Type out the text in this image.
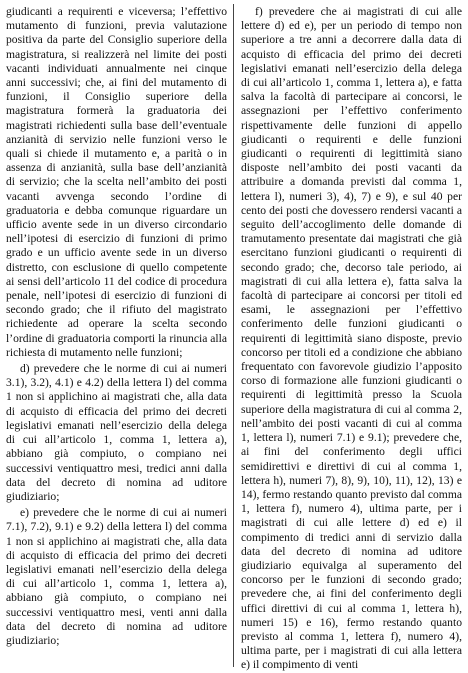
giudicanti a requirenti e viceversa; l’effettivo mutamento di funzioni, previa valutazione positiva da parte del Consiglio superiore della magistratura, si realizzerà nel limite dei posti vacanti individuati annualmente nei cinque anni successivi; che, ai fini del mutamento di funzioni, il Consiglio superiore della magistratura formerà la graduatoria dei magistrati richiedenti sulla base dell’eventuale anzianità di servizio nelle funzioni verso le quali si chiede il mutamento e, a parità o in assenza di anzianità, sulla base dell’anzianità di servizio; che la scelta nell’ambito dei posti vacanti avvenga secondo l’ordine di graduatoria e debba comunque riguardare un ufficio avente sede in un diverso circondario nell’ipotesi di esercizio di funzioni di primo grado e un ufficio avente sede in un diverso distretto, con esclusione di quello competente ai sensi dell’articolo 11 del codice di procedura penale, nell’ipotesi di esercizio di funzioni di secondo grado; che il rifiuto del magistrato richiedente ad operare la scelta secondo l’ordine di graduatoria comporti la rinuncia alla richiesta di mutamento nelle funzioni;

d) prevedere che le norme di cui ai numeri 3.1), 3.2), 4.1) e 4.2) della lettera l) del comma 1 non si applichino ai magistrati che, alla data di acquisto di efficacia del primo dei decreti legislativi emanati nell’esercizio della delega di cui all’articolo 1, comma 1, lettera a), abbiano già compiuto, o compiano nei successivi ventiquattro mesi, tredici anni dalla data del decreto di nomina ad uditore giudiziario;

e) prevedere che le norme di cui ai numeri 7.1), 7.2), 9.1) e 9.2) della lettera l) del comma 1 non si applichino ai magistrati che, alla data di acquisto di efficacia del primo dei decreti legislativi emanati nell’esercizio della delega di cui all’articolo 1, comma 1, lettera a), abbiano già compiuto, o compiano nei successivi ventiquattro mesi, venti anni dalla data del decreto di nomina ad uditore giudiziario;

f) prevedere che ai magistrati di cui alle lettere d) ed e), per un periodo di tempo non superiore a tre anni a decorrere dalla data di acquisto di efficacia del primo dei decreti legislativi emanati nell’esercizio della delega di cui all’articolo 1, comma 1, lettera a), e fatta salva la facoltà di partecipare ai concorsi, le assegnazioni per l’effettivo conferimento rispettivamente delle funzioni di appello giudicanti o requirenti e delle funzioni giudicanti o requirenti di legittimità siano disposte nell’ambito dei posti vacanti da attribuire a domanda previsti dal comma 1, lettera l), numeri 3), 4), 7) e 9), e sul 40 per cento dei posti che dovessero rendersi vacanti a seguito dell’accoglimento delle domande di tramutamento presentate dai magistrati che già esercitano funzioni giudicanti o requirenti di secondo grado; che, decorso tale periodo, ai magistrati di cui alla lettera e), fatta salva la facoltà di partecipare ai concorsi per titoli ed esami, le assegnazioni per l’effettivo conferimento delle funzioni giudicanti o requirenti di legittimità siano disposte, previo concorso per titoli ed a condizione che abbiano frequentato con favorevole giudizio l’apposito corso di formazione alle funzioni giudicanti o requirenti di legittimità presso la Scuola superiore della magistratura di cui al comma 2, nell’ambito dei posti vacanti di cui al comma 1, lettera l), numeri 7.1) e 9.1); prevedere che, ai fini del conferimento degli uffici semidirettivi e direttivi di cui al comma 1, lettera h), numeri 7), 8), 9), 10), 11), 12), 13) e 14), fermo restando quanto previsto dal comma 1, lettera f), numero 4), ultima parte, per i magistrati di cui alle lettere d) ed e) il compimento di tredici anni di servizio dalla data del decreto di nomina ad uditore giudiziario equivalga al superamento del concorso per le funzioni di secondo grado; prevedere che, ai fini del conferimento degli uffici direttivi di cui al comma 1, lettera h), numeri 15) e 16), fermo restando quanto previsto al comma 1, lettera f), numero 4), ultima parte, per i magistrati di cui alla lettera e) il compimento di venti
